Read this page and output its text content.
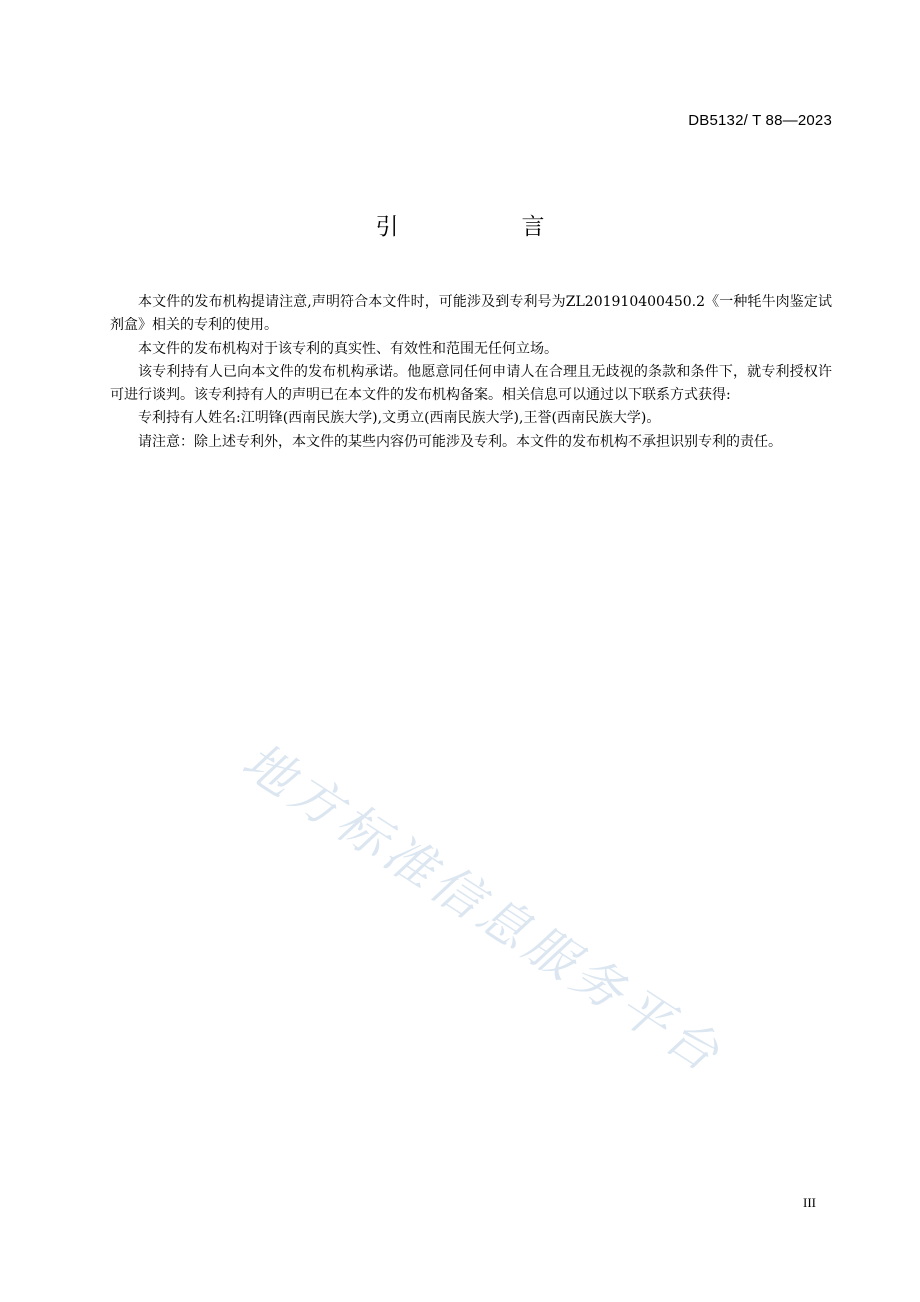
DB5132/ T 88—2023
引　言

本文件的发布机构提请注意,声明符合本文件时，可能涉及到专利号为ZL201910400450.2《一种牦牛肉鉴定试剂盒》相关的专利的使用。

本文件的发布机构对于该专利的真实性、有效性和范围无任何立场。

该专利持有人已向本文件的发布机构承诺。他愿意同任何申请人在合理且无歧视的条款和条件下，就专利授权许可进行谈判。该专利持有人的声明已在本文件的发布机构备案。相关信息可以通过以下联系方式获得:

专利持有人姓名:江明锋(西南民族大学),文勇立(西南民族大学),王誉(西南民族大学)。

请注意：除上述专利外，本文件的某些内容仍可能涉及专利。本文件的发布机构不承担识别专利的责任。

地方标准信息服务平台
III
